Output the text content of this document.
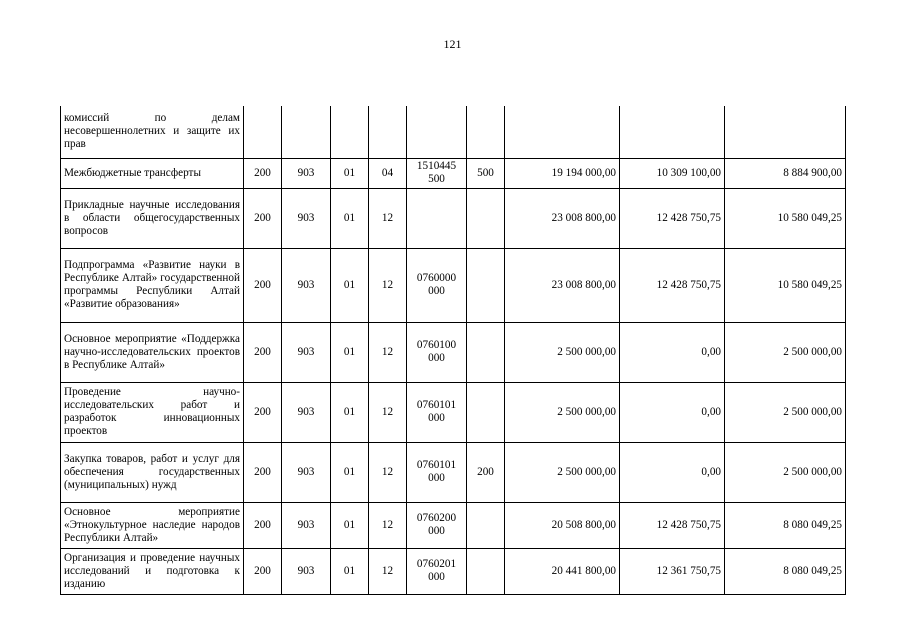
121
комиссий по делам несовершеннолетних и защите их прав									
Межбюджетные трансферты	200	903	01	04	1510445 500	500	19 194 000,00	10 309 100,00	8 884 900,00
Прикладные научные исследования в области общегосударственных вопросов	200	903	01	12			23 008 800,00	12 428 750,75	10 580 049,25
Подпрограмма «Развитие науки в Республике Алтай» государственной программы Республики Алтай «Развитие образования»	200	903	01	12	0760000 000		23 008 800,00	12 428 750,75	10 580 049,25
Основное мероприятие «Поддержка научно-исследовательских проектов в Республике Алтай»	200	903	01	12	0760100 000		2 500 000,00	0,00	2 500 000,00
Проведение научно-исследовательских работ и разработок инновационных проектов	200	903	01	12	0760101 000		2 500 000,00	0,00	2 500 000,00
Закупка товаров, работ и услуг для обеспечения государственных (муниципальных) нужд	200	903	01	12	0760101 000	200	2 500 000,00	0,00	2 500 000,00
Основное мероприятие «Этнокультурное наследие народов Республики Алтай»	200	903	01	12	0760200 000		20 508 800,00	12 428 750,75	8 080 049,25
Организация и проведение научных исследований и подготовка к изданию	200	903	01	12	0760201 000		20 441 800,00	12 361 750,75	8 080 049,25
